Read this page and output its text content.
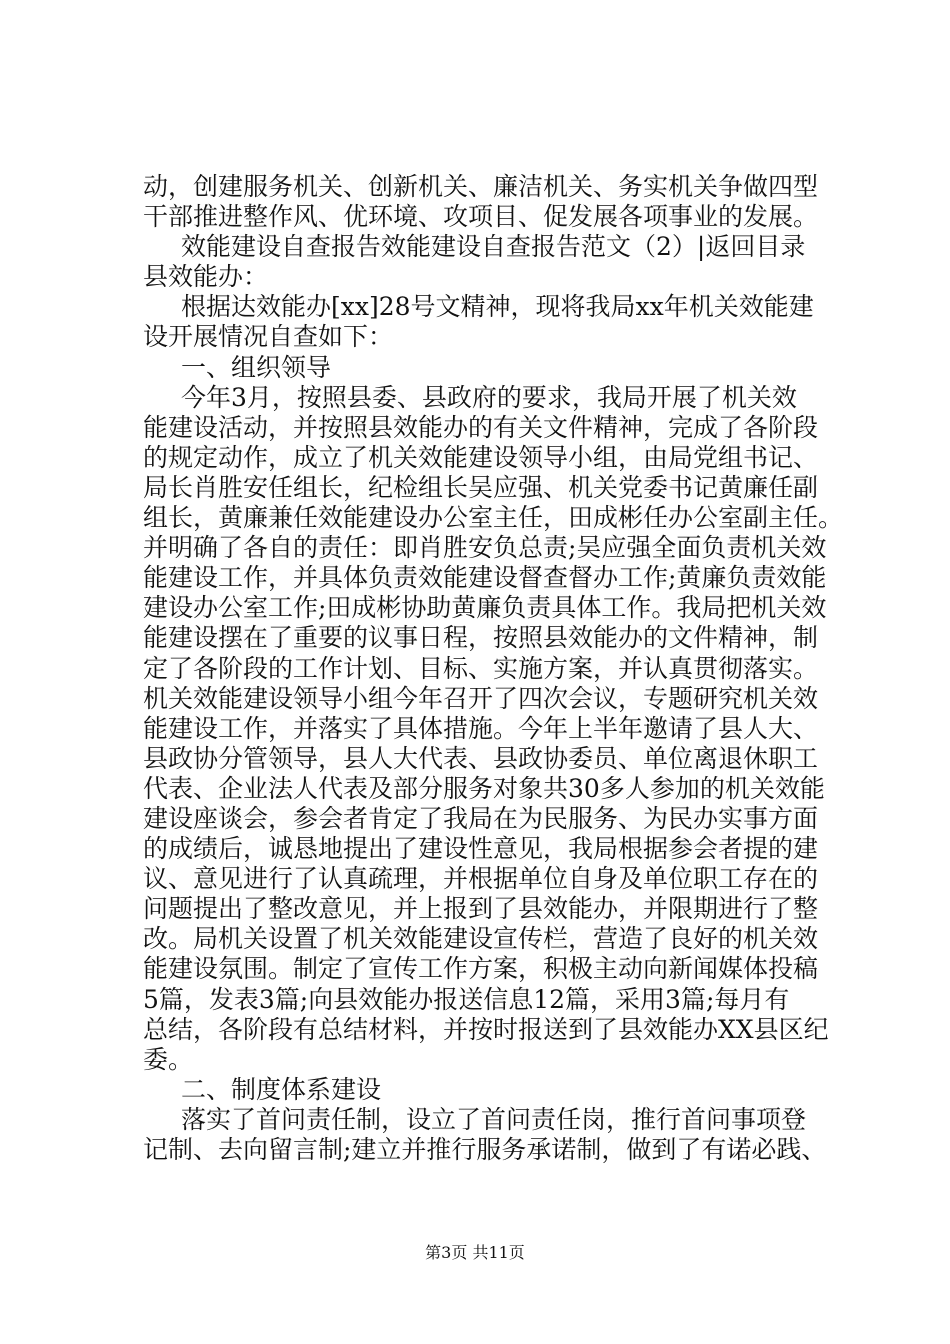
动，创建服务机关、创新机关、廉洁机关、务实机关争做四型
干部推进整作风、优环境、攻项目、促发展各项事业的发展。
效能建设自查报告效能建设自查报告范文（2）|返回目录
县效能办：
根据达效能办[xx]28号文精神，现将我局xx年机关效能建
设开展情况自查如下：
一、组织领导
今年3月，按照县委、县政府的要求，我局开展了机关效
能建设活动，并按照县效能办的有关文件精神，完成了各阶段
的规定动作，成立了机关效能建设领导小组，由局党组书记、
局长肖胜安任组长，纪检组长吴应强、机关党委书记黄廉任副
组长，黄廉兼任效能建设办公室主任，田成彬任办公室副主任。
并明确了各自的责任：即肖胜安负总责;吴应强全面负责机关效
能建设工作，并具体负责效能建设督查督办工作;黄廉负责效能
建设办公室工作;田成彬协助黄廉负责具体工作。我局把机关效
能建设摆在了重要的议事日程，按照县效能办的文件精神，制
定了各阶段的工作计划、目标、实施方案，并认真贯彻落实。
机关效能建设领导小组今年召开了四次会议，专题研究机关效
能建设工作，并落实了具体措施。今年上半年邀请了县人大、
县政协分管领导，县人大代表、县政协委员、单位离退休职工
代表、企业法人代表及部分服务对象共30多人参加的机关效能
建设座谈会，参会者肯定了我局在为民服务、为民办实事方面
的成绩后，诚恳地提出了建设性意见，我局根据参会者提的建
议、意见进行了认真疏理，并根据单位自身及单位职工存在的
问题提出了整改意见，并上报到了县效能办，并限期进行了整
改。局机关设置了机关效能建设宣传栏，营造了良好的机关效
能建设氛围。制定了宣传工作方案，积极主动向新闻媒体投稿
5篇，发表3篇;向县效能办报送信息12篇，采用3篇;每月有
总结，各阶段有总结材料，并按时报送到了县效能办XX县区纪
委。
二、制度体系建设
落实了首问责任制，设立了首问责任岗，推行首问事项登
记制、去向留言制;建立并推行服务承诺制，做到了有诺必践、
第3页 共11页
